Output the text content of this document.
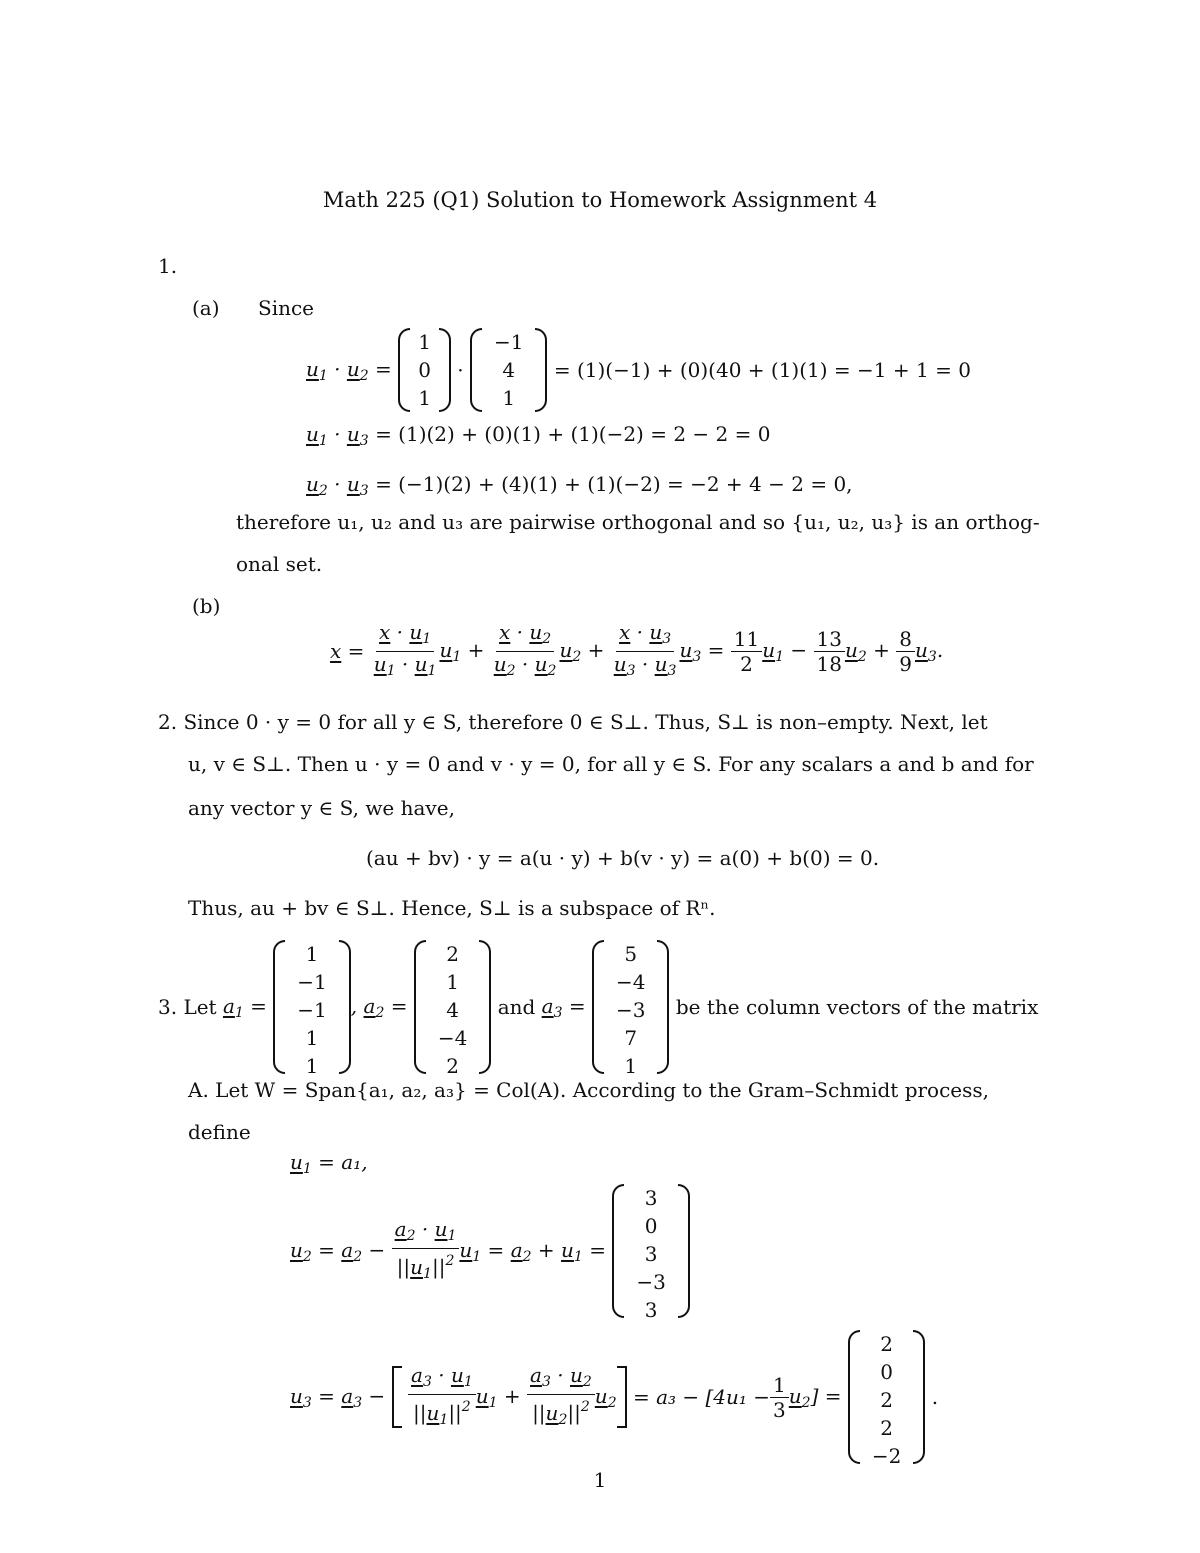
Math 225 (Q1) Solution to Homework Assignment 4
1.
(a) Since
$u_1 \cdot u_2$ =

1
0
1
·
−1
4
1

= (1)(−1) + (0)(40 + (1)(1) = −1 + 1 = 0
$u_1 \cdot u_3 = (1)(2) + (0)(1) + (1)(-2) = 2 - 2 = 0$
$u_2 \cdot u_3 = (-1)(2) + (4)(1) + (1)(-2) = -2 + 4 - 2 = 0$,
therefore u₁, u₂ and u₃ are pairwise orthogonal and so {u₁, u₂, u₃} is an orthog-
onal set.
(b)
$x = \frac{x \cdot u_1}{u_1 \cdot u_1} u_1 + \frac{x \cdot u_2}{u_2 \cdot u_2} u_2 + \frac{x \cdot u_3}{u_3 \cdot u_3} u_3 = \frac{11}{2} u_1 - \frac{13}{18} u_2 + \frac{8}{9} u_3$.
2. Since 0 · y = 0 for all y ∈ S, therefore 0 ∈ S⊥. Thus, S⊥ is non–empty. Next, let
u, v ∈ S⊥. Then u · y = 0 and v · y = 0, for all y ∈ S. For any scalars a and b and for
any vector y ∈ S, we have,
(au + bv) · y = a(u · y) + b(v · y) = a(0) + b(0) = 0.
Thus, au + bv ∈ S⊥. Hence, S⊥ is a subspace of Rⁿ.
3. Let
$a_1$ =
1
−1
−1
1
1
, $a_2$ =
2
1
4
−4
2

and
$a_3$ =
5
−4
−3
7
1

be the column vectors of the matrix
A. Let W = Span{a₁, a₂, a₃} = Col(A). According to the Gram–Schmidt process,
define
$u_1 = a_1$,
$u_2 = a_2 - \frac{a_2 \cdot u_1}{||u_1||^2} u_1 = a_2 + u_1$ =
3
0
3
−3
3
$u_3 = a_3$ −
$\frac{a_3 \cdot u_1}{||u_1||^2} u_1 + \frac{a_3 \cdot u_2}{||u_2||^2} u_2$
= $a_3 - [4u_1 - \frac{1}{3} u_2]$ =
2
0
2
2
−2
.
1
